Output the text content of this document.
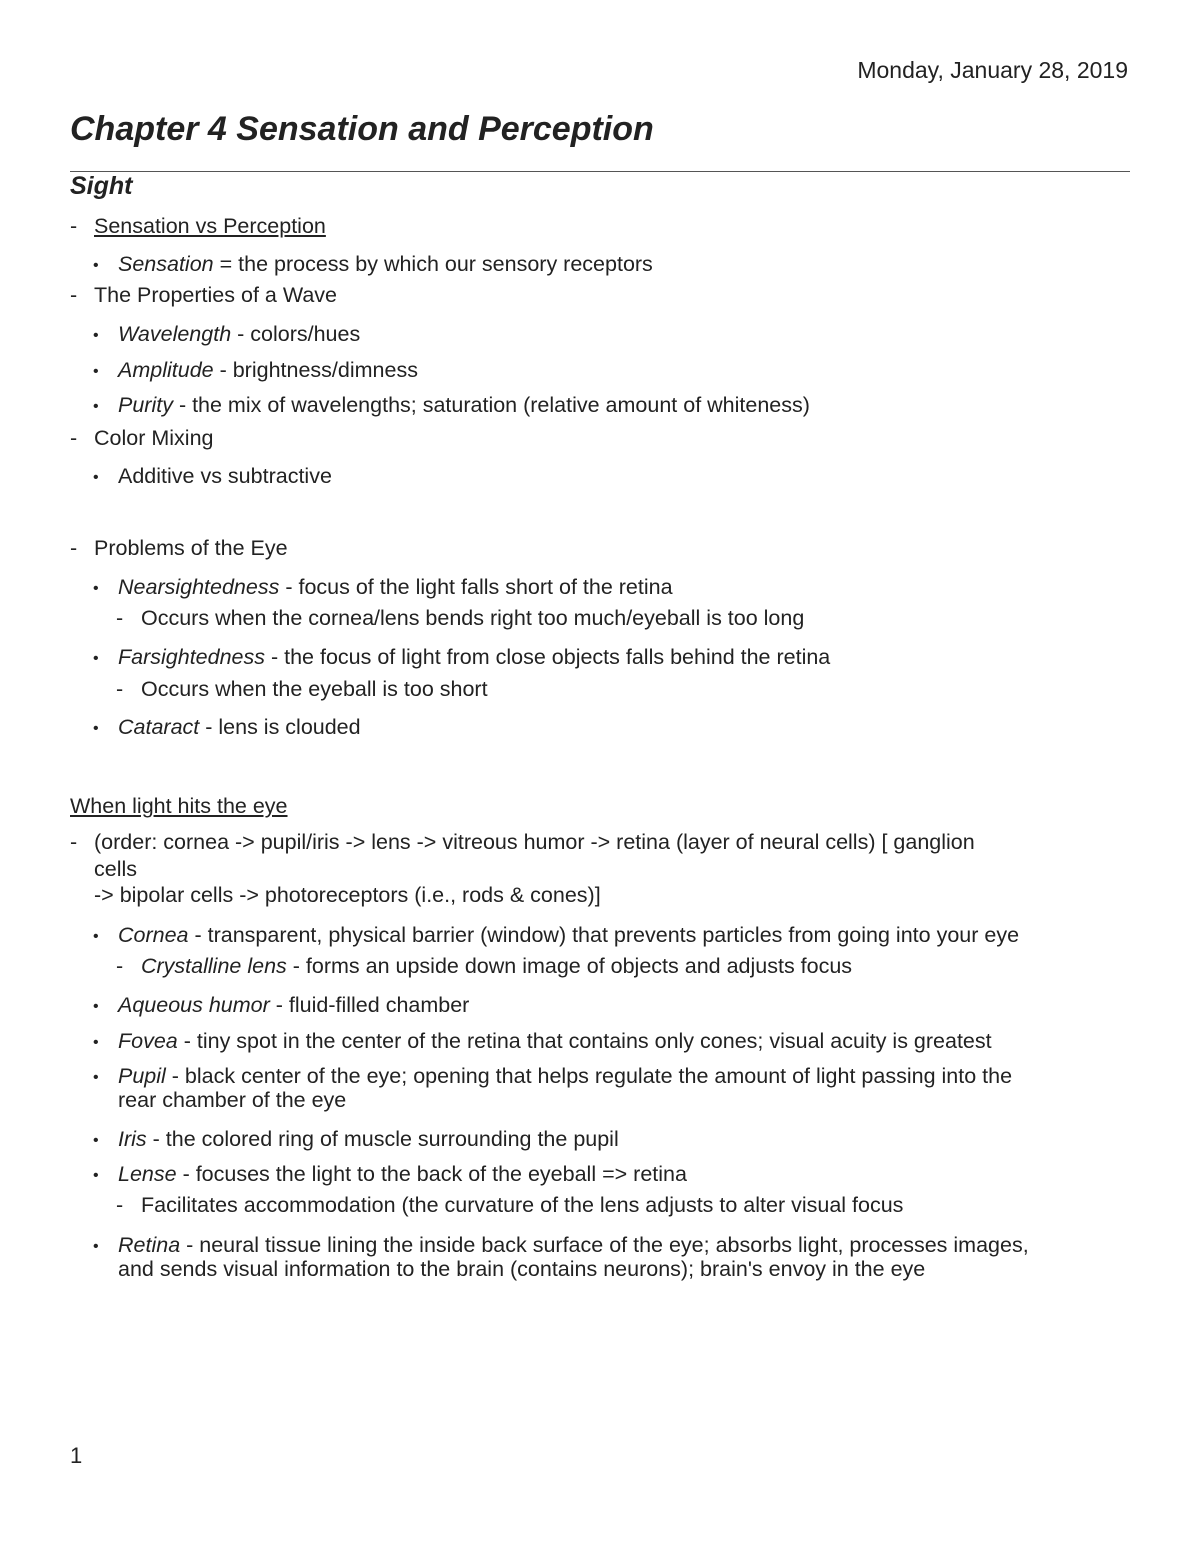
Monday, January 28, 2019
Chapter 4 Sensation and Perception
Sight
- Sensation vs Perception
• Sensation = the process by which our sensory receptors
- The Properties of a Wave
• Wavelength - colors/hues
• Amplitude - brightness/dimness
• Purity - the mix of wavelengths; saturation (relative amount of whiteness)
- Color Mixing
• Additive vs subtractive
- Problems of the Eye
• Nearsightedness - focus of the light falls short of the retina
- Occurs when the cornea/lens bends right too much/eyeball is too long
• Farsightedness - the focus of light from close objects falls behind the retina
- Occurs when the eyeball is too short
• Cataract - lens is clouded
When light hits the eye
- (order: cornea -> pupil/iris -> lens -> vitreous humor -> retina (layer of neural cells) [ ganglion
cells
-> bipolar cells -> photoreceptors (i.e., rods & cones)]
• Cornea - transparent, physical barrier (window) that prevents particles from going into your eye
- Crystalline lens - forms an upside down image of objects and adjusts focus
• Aqueous humor - fluid-filled chamber
• Fovea - tiny spot in the center of the retina that contains only cones; visual acuity is greatest
• Pupil - black center of the eye; opening that helps regulate the amount of light passing into the
rear chamber of the eye
• Iris - the colored ring of muscle surrounding the pupil
• Lense - focuses the light to the back of the eyeball => retina
- Facilitates accommodation (the curvature of the lens adjusts to alter visual focus
• Retina - neural tissue lining the inside back surface of the eye; absorbs light, processes images,
and sends visual information to the brain (contains neurons); brain's envoy in the eye
1
